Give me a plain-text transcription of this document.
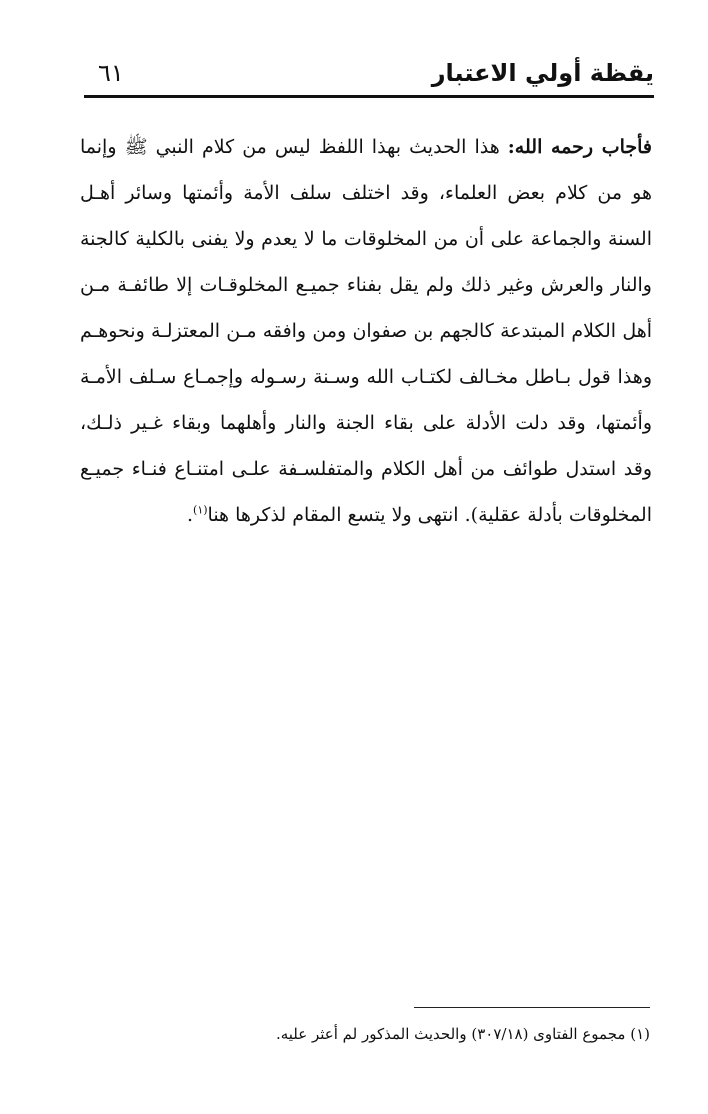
يقظة أولي الاعتبار
٦١
فأجاب رحمه الله: هذا الحديث بهذا اللفظ ليس من كلام النبي ﷺ وإنما
هو من كلام بعض العلماء، وقد اختلف سلف الأمة وأئمتها وسائر أهـل
السنة والجماعة على أن من المخلوقات ما لا يعدم ولا يفنى بالكلية كالجنة
والنار والعرش وغير ذلك ولم يقل بفناء جميـع المخلوقـات إلا طائفـة مـن
أهل الكلام المبتدعة كالجهم بن صفوان ومن وافقه مـن المعتزلـة ونحوهـم
وهذا قول بـاطل مخـالف لكتـاب الله وسـنة رسـوله وإجمـاع سـلف الأمـة
وأئمتها، وقد دلت الأدلة على بقاء الجنة والنار وأهلهما وبقاء غـير ذلـك،
وقد استدل طوائف من أهل الكلام والمتفلسـفة علـى امتنـاع فنـاء جميـع
المخلوقات بأدلة عقلية). انتهى ولا يتسع المقام لذكرها هنا$^{(١)}$.
(١) مجموع الفتاوى (٣٠٧/١٨) والحديث المذكور لم أعثر عليه.
